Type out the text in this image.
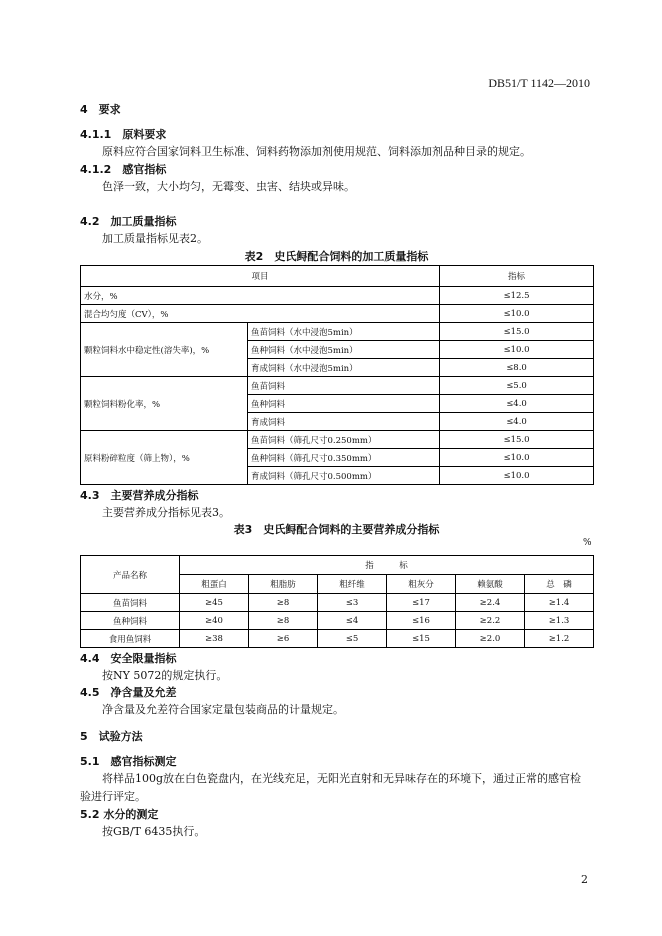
DB51/T 1142—2010
4　要求
4.1.1　原料要求
原料应符合国家饲料卫生标准、饲料药物添加剂使用规范、饲料添加剂品种目录的规定。
4.1.2　感官指标
色泽一致，大小均匀，无霉变、虫害、结块或异味。
4.2　加工质量指标
加工质量指标见表2。
表2　史氏鲟配合饲料的加工质量指标
项目		指标
水分，%		≤12.5
混合均匀度（CV），%		≤10.0
颗粒饲料水中稳定性(溶失率)，%	鱼苗饲料（水中浸泡5min）	≤15.0
	鱼种饲料（水中浸泡5min）	≤10.0
	育成饲料（水中浸泡5min）	≤8.0
颗粒饲料粉化率，%	鱼苗饲料	≤5.0
	鱼种饲料	≤4.0
	育成饲料	≤4.0
原料粉碎粒度（筛上物），%	鱼苗饲料（筛孔尺寸0.250mm）	≤15.0
	鱼种饲料（筛孔尺寸0.350mm）	≤10.0
	育成饲料（筛孔尺寸0.500mm）	≤10.0
4.3　主要营养成分指标
主要营养成分指标见表3。
表3　史氏鲟配合饲料的主要营养成分指标
%
产品名称	指　　　标					
	粗蛋白	粗脂肪	粗纤维	粗灰分	赖氨酸	总　磷
鱼苗饲料	≥45	≥8	≤3	≤17	≥2.4	≥1.4
鱼种饲料	≥40	≥8	≤4	≤16	≥2.2	≥1.3
食用鱼饲料	≥38	≥6	≤5	≤15	≥2.0	≥1.2
4.4　安全限量指标
按NY 5072的规定执行。
4.5　净含量及允差
净含量及允差符合国家定量包装商品的计量规定。
5　试验方法
5.1　感官指标测定
将样品100g放在白色瓷盘内，在光线充足，无阳光直射和无异味存在的环境下，通过正常的感官检
验进行评定。
5.2 水分的测定
按GB/T 6435执行。
2
